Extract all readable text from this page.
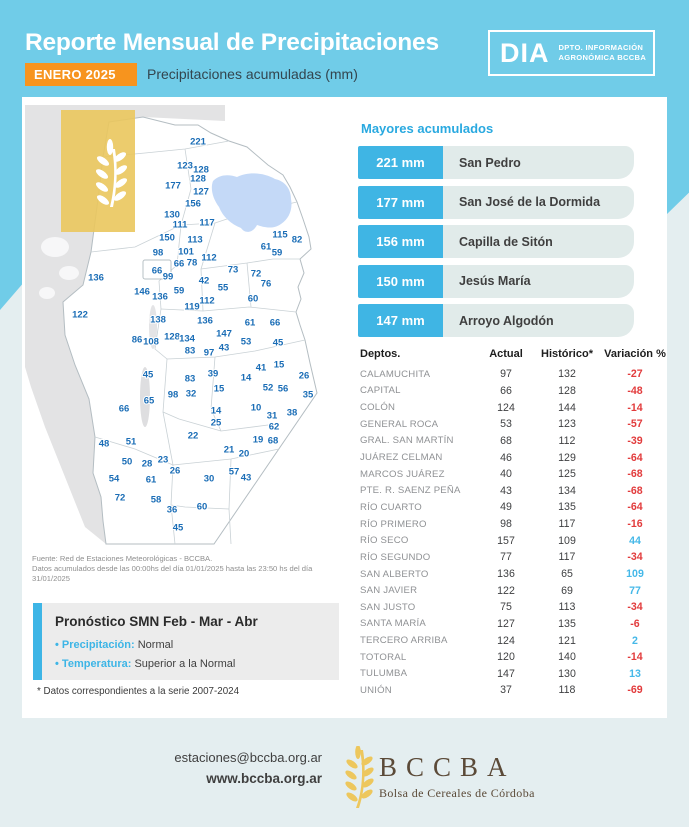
Reporte Mensual de Precipitaciones
ENERO 2025	Precipitaciones acumuladas (mm)
DIA DPTO. INFORMACIÓN
AGRONÓMICA BCCBA
221
123 128
128
177
127
156
130
117
111
115 82
150 113
61
59
98 101
112
66 78
66
99
73 72
42	76
55
146 136
59
60
136
122
119
112
138	136	61 66
147
86 108 128 134	53 45
83 43
97
41 15
45	26
83 39 14
52 56
15
35
98 32
65
10
66	38
14	31
62
25
22	19 68
21 20
48 51
50 28 23
26
54	61	30
57
43
72	58
36 60
45
Fuente: Red de Estaciones Meteorológicas - BCCBA.
Datos acumulados desde las 00:00hs del día 01/01/2025 hasta las 23:50 hs del día 31/01/2025
Pronóstico SMN Feb - Mar - Abr
• Precipitación: Normal
• Temperatura: Superior a la Normal
* Datos correspondientes a la serie 2007-2024
Mayores acumulados
221 mm	San Pedro
177 mm	San José de la Dormida
156 mm	Capilla de Sitón
150 mm	Jesús María
147 mm	Arroyo Algodón
Deptos.	Actual	Histórico*	Variación %
CALAMUCHITA	97	132	-27
CAPITAL	66	128	-48
COLÓN	124	144	-14
GENERAL ROCA	53	123	-57
GRAL. SAN MARTÍN	68	112	-39
JUÁREZ CELMAN	46	129	-64
MARCOS JUÁREZ	40	125	-68
PTE. R. SAENZ PEÑA	43	134	-68
RÍO CUARTO	49	135	-64
RÍO PRIMERO	98	117	-16
RÍO SECO	157	109	44
RÍO SEGUNDO	77	117	-34
SAN ALBERTO	136	65	109
SAN JAVIER	122	69	77
SAN JUSTO	75	113	-34
SANTA MARÍA	127	135	-6
TERCERO ARRIBA	124	121	2
TOTORAL	120	140	-14
TULUMBA	147	130	13
UNIÓN	37	118	-69
estaciones@bccba.org.ar
www.bccba.org.ar BCCBA
Bolsa de Cereales de Córdoba
